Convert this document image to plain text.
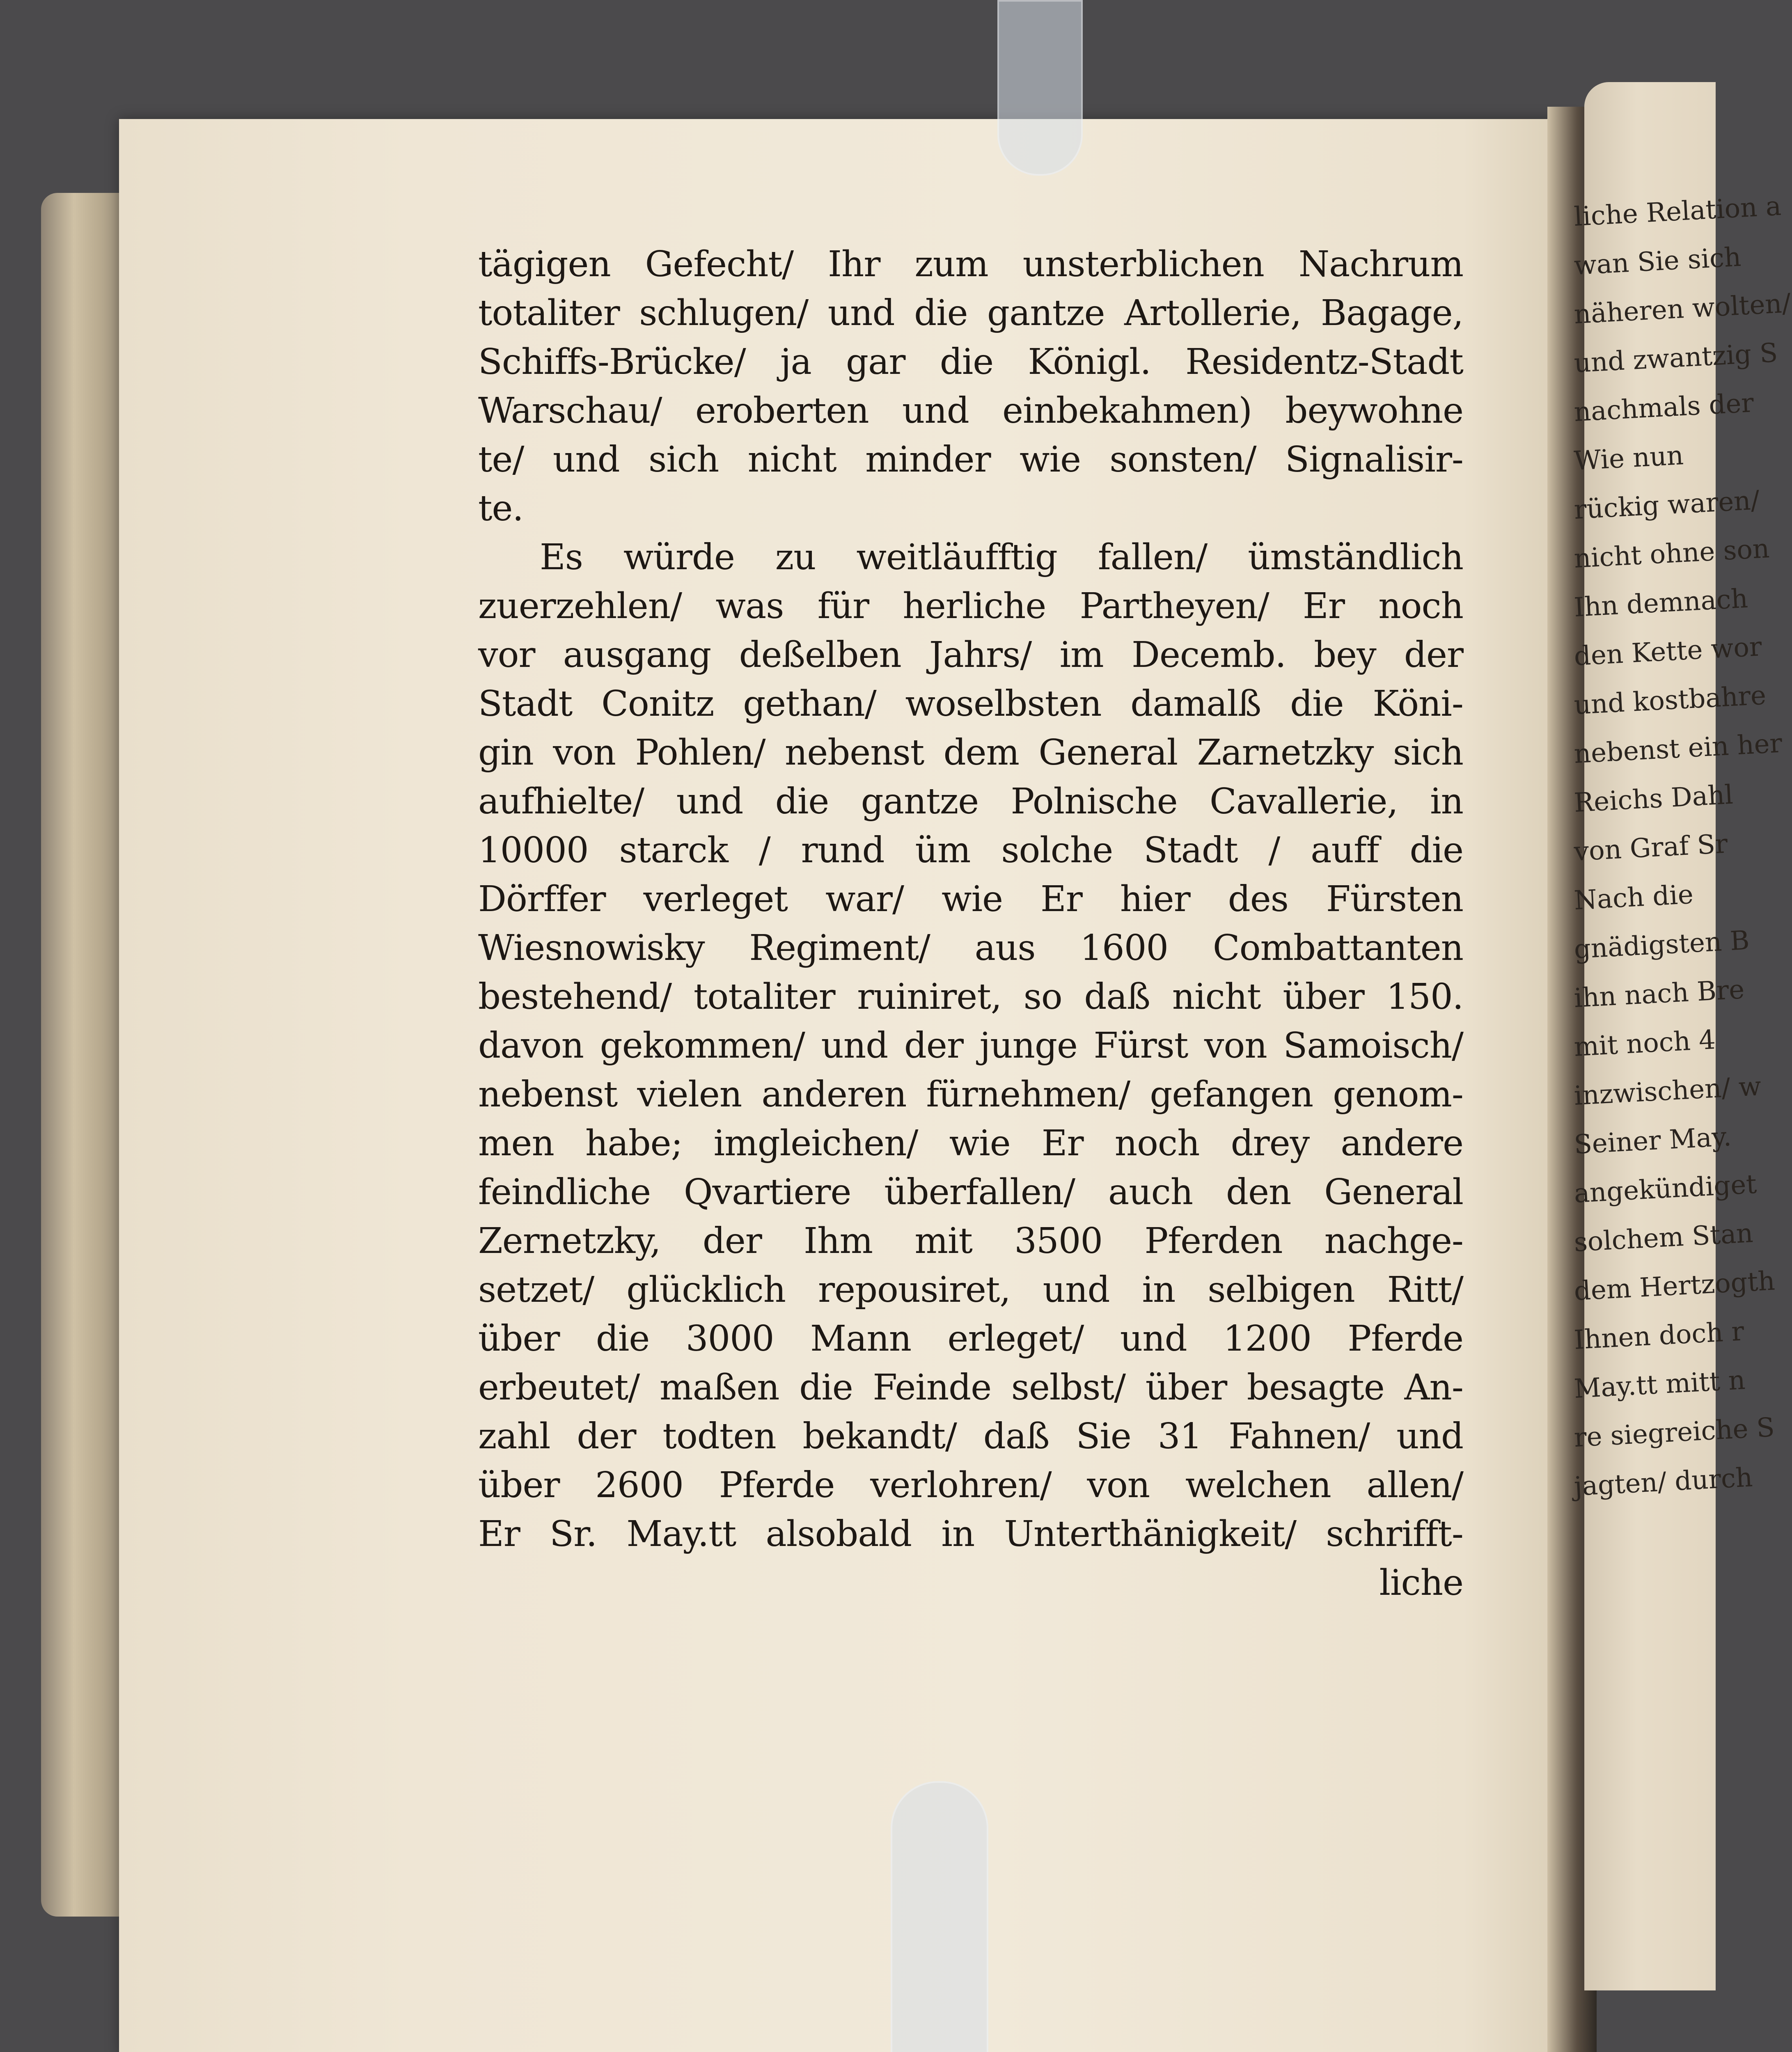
tägigen Gefecht/ Ihr zum unsterblichen Nachrum
totaliter schlugen/ und die gantze Artollerie, Bagage,
Schiffs-Brücke/ ja gar die Königl. Residentz-Stadt
Warschau/ eroberten und einbekahmen) beywohne
te/ und sich nicht minder wie sonsten/ Signalisir-
te.
Es würde zu weitläufftig fallen/ ümständlich
zuerzehlen/ was für herliche Partheyen/ Er noch
vor ausgang deßelben Jahrs/ im Decemb. bey der
Stadt Conitz gethan/ woselbsten damalß die Köni-
gin von Pohlen/ nebenst dem General Zarnetzky sich
aufhielte/ und die gantze Polnische Cavallerie, in
10000 starck / rund üm solche Stadt / auff die
Dörffer verleget war/ wie Er hier des Fürsten
Wiesnowisky Regiment/ aus 1600 Combattanten
bestehend/ totaliter ruiniret, so daß nicht über 150.
davon gekommen/ und der junge Fürst von Samoisch/
nebenst vielen anderen fürnehmen/ gefangen genom-
men habe; imgleichen/ wie Er noch drey andere
feindliche Qvartiere überfallen/ auch den General
Zernetzky, der Ihm mit 3500 Pferden nachge-
setzet/ glücklich repousiret, und in selbigen Ritt/
über die 3000 Mann erleget/ und 1200 Pferde
erbeutet/ maßen die Feinde selbst/ über besagte An-
zahl der todten bekandt/ daß Sie 31 Fahnen/ und
über 2600 Pferde verlohren/ von welchen allen/
Er Sr. May.tt alsobald in Unterthänigkeit/ schrifft-
liche
liche Relation a
wan Sie sich
näheren wolten/
und zwantzig S
nachmals der
Wie nun
rückig waren/
nicht ohne son
Ihn demnach
den Kette wor
und kostbahre
nebenst ein her
Reichs Dahl
von Graf Sr
Nach die
gnädigsten B
ihn nach Bre
mit noch 4
inzwischen/ w
Seiner May.
angekündiget
solchem Stan
dem Hertzogth
Ihnen doch r
May.tt mitt n
re siegreiche S
jagten/ durch
